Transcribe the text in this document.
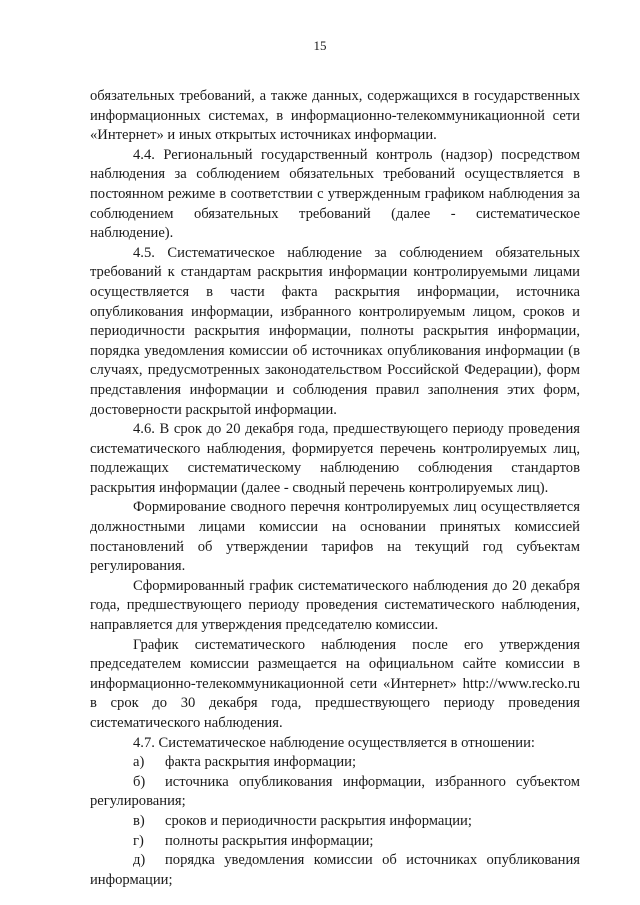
15

обязательных требований, а также данных, содержащихся в государственных информационных системах, в информационно-телекоммуникационной сети «Интернет» и иных открытых источниках информации.

4.4. Региональный государственный контроль (надзор) посредством наблюдения за соблюдением обязательных требований осуществляется в постоянном режиме в соответствии с утвержденным графиком наблюдения за соблюдением обязательных требований (далее - систематическое наблюдение).

4.5. Систематическое наблюдение за соблюдением обязательных требований к стандартам раскрытия информации контролируемыми лицами осуществляется в части факта раскрытия информации, источника опубликования информации, избранного контролируемым лицом, сроков и периодичности раскрытия информации, полноты раскрытия информации, порядка уведомления комиссии об источниках опубликования информации (в случаях, предусмотренных законодательством Российской Федерации), форм представления информации и соблюдения правил заполнения этих форм, достоверности раскрытой информации.

4.6. В срок до 20 декабря года, предшествующего периоду проведения систематического наблюдения, формируется перечень контролируемых лиц, подлежащих систематическому наблюдению соблюдения стандартов раскрытия информации (далее - сводный перечень контролируемых лиц).

Формирование сводного перечня контролируемых лиц осуществляется должностными лицами комиссии на основании принятых комиссией постановлений об утверждении тарифов на текущий год субъектам регулирования.

Сформированный график систематического наблюдения до 20 декабря года, предшествующего периоду проведения систематического наблюдения, направляется для утверждения председателю комиссии.

График систематического наблюдения после его утверждения председателем комиссии размещается на официальном сайте комиссии в информационно-телекоммуникационной сети «Интернет» http://www.recko.ru в срок до 30 декабря года, предшествующего периоду проведения систематического наблюдения.

4.7. Систематическое наблюдение осуществляется в отношении:

а) факта раскрытия информации;

б) источника опубликования информации, избранного субъектом регулирования;

в) сроков и периодичности раскрытия информации;

г) полноты раскрытия информации;

д) порядка уведомления комиссии об источниках опубликования информации;
